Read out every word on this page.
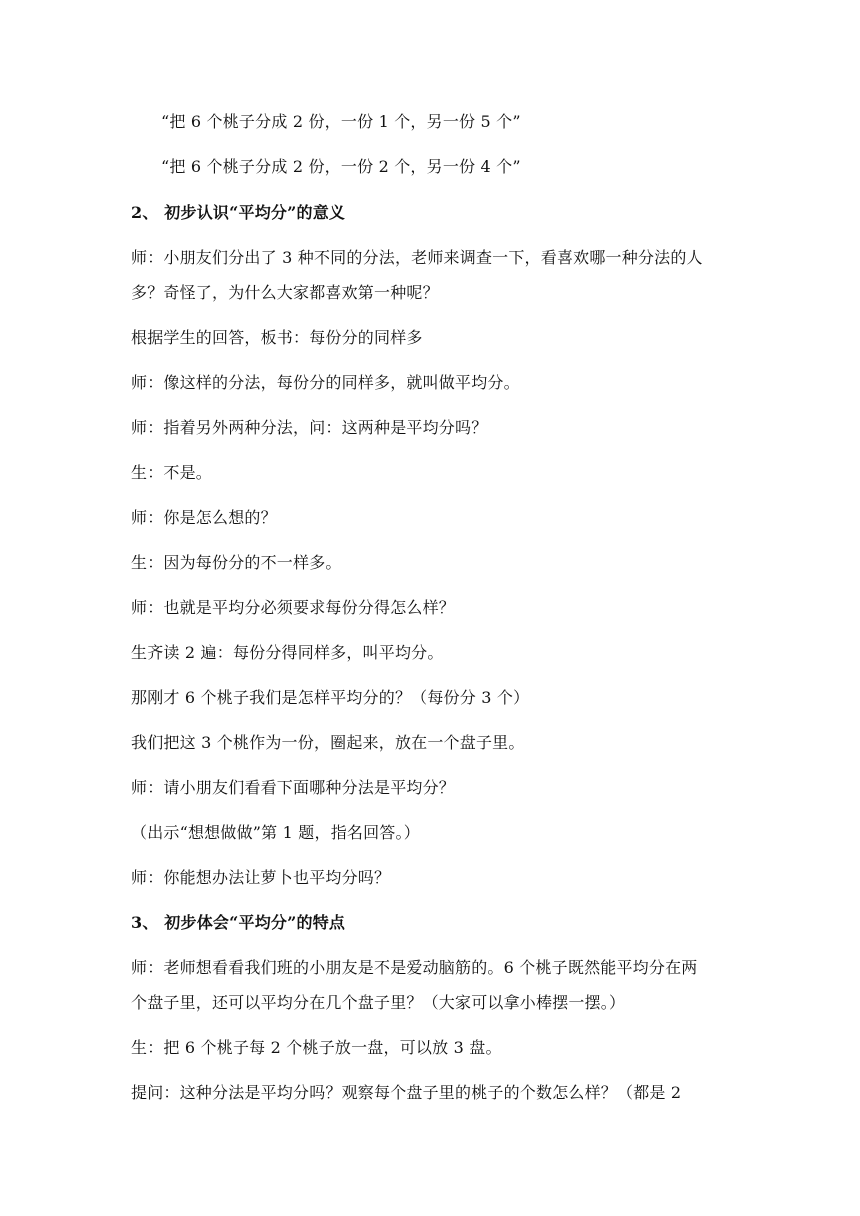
“把 6 个桃子分成 2 份，一份 1 个，另一份 5 个”
“把 6 个桃子分成 2 份，一份 2 个，另一份 4 个”
2、 初步认识“平均分”的意义
师：小朋友们分出了 3 种不同的分法，老师来调查一下，看喜欢哪一种分法的人
多？奇怪了，为什么大家都喜欢第一种呢？
根据学生的回答，板书：每份分的同样多
师：像这样的分法，每份分的同样多，就叫做平均分。
师：指着另外两种分法，问：这两种是平均分吗？
生：不是。
师：你是怎么想的？
生：因为每份分的不一样多。
师：也就是平均分必须要求每份分得怎么样？
生齐读 2 遍：每份分得同样多，叫平均分。
那刚才 6 个桃子我们是怎样平均分的？（每份分 3 个）
我们把这 3 个桃作为一份，圈起来，放在一个盘子里。
师：请小朋友们看看下面哪种分法是平均分？
（出示“想想做做”第 1 题，指名回答。）
师：你能想办法让萝卜也平均分吗？
3、 初步体会“平均分”的特点
师：老师想看看我们班的小朋友是不是爱动脑筋的。6 个桃子既然能平均分在两
个盘子里，还可以平均分在几个盘子里？（大家可以拿小棒摆一摆。）
生：把 6 个桃子每 2 个桃子放一盘，可以放 3 盘。
提问：这种分法是平均分吗？观察每个盘子里的桃子的个数怎么样？（都是 2
